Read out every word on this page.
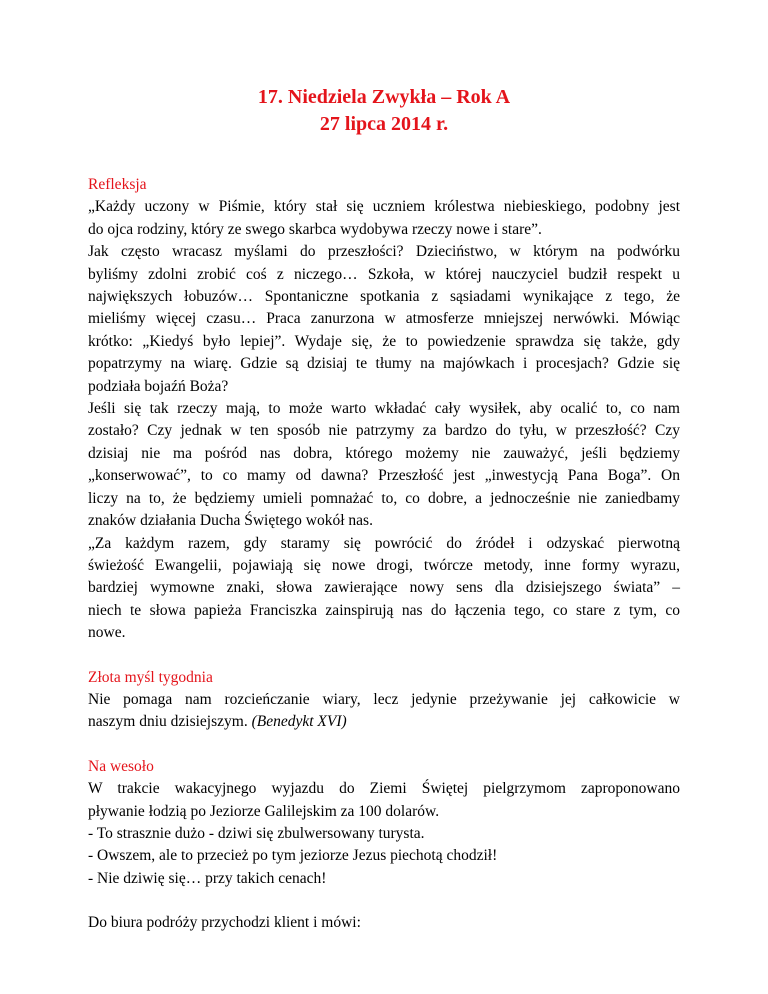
17. Niedziela Zwykła – Rok A
27 lipca 2014 r.
Refleksja
„Każdy uczony w Piśmie, który stał się uczniem królestwa niebieskiego, podobny jest
do ojca rodziny, który ze swego skarbca wydobywa rzeczy nowe i stare”.
Jak często wracasz myślami do przeszłości? Dzieciństwo, w którym na podwórku
byliśmy zdolni zrobić coś z niczego… Szkoła, w której nauczyciel budził respekt u
największych łobuzów… Spontaniczne spotkania z sąsiadami wynikające z tego, że
mieliśmy więcej czasu… Praca zanurzona w atmosferze mniejszej nerwówki. Mówiąc
krótko: „Kiedyś było lepiej”. Wydaje się, że to powiedzenie sprawdza się także, gdy
popatrzymy na wiarę. Gdzie są dzisiaj te tłumy na majówkach i procesjach? Gdzie się
podziała bojaźń Boża?
Jeśli się tak rzeczy mają, to może warto wkładać cały wysiłek, aby ocalić to, co nam
zostało? Czy jednak w ten sposób nie patrzymy za bardzo do tyłu, w przeszłość? Czy
dzisiaj nie ma pośród nas dobra, którego możemy nie zauważyć, jeśli będziemy
„konserwować”, to co mamy od dawna? Przeszłość jest „inwestycją Pana Boga”. On
liczy na to, że będziemy umieli pomnażać to, co dobre, a jednocześnie nie zaniedbamy
znaków działania Ducha Świętego wokół nas.
„Za każdym razem, gdy staramy się powrócić do źródeł i odzyskać pierwotną
świeżość Ewangelii, pojawiają się nowe drogi, twórcze metody, inne formy wyrazu,
bardziej wymowne znaki, słowa zawierające nowy sens dla dzisiejszego świata” –
niech te słowa papieża Franciszka zainspirują nas do łączenia tego, co stare z tym, co
nowe.
Złota myśl tygodnia
Nie pomaga nam rozcieńczanie wiary, lecz jedynie przeżywanie jej całkowicie w
naszym dniu dzisiejszym. (Benedykt XVI)
Na wesoło
W trakcie wakacyjnego wyjazdu do Ziemi Świętej pielgrzymom zaproponowano
pływanie łodzią po Jeziorze Galilejskim za 100 dolarów.
- To strasznie dużo - dziwi się zbulwersowany turysta.
- Owszem, ale to przecież po tym jeziorze Jezus piechotą chodził!
- Nie dziwię się… przy takich cenach!
Do biura podróży przychodzi klient i mówi:
